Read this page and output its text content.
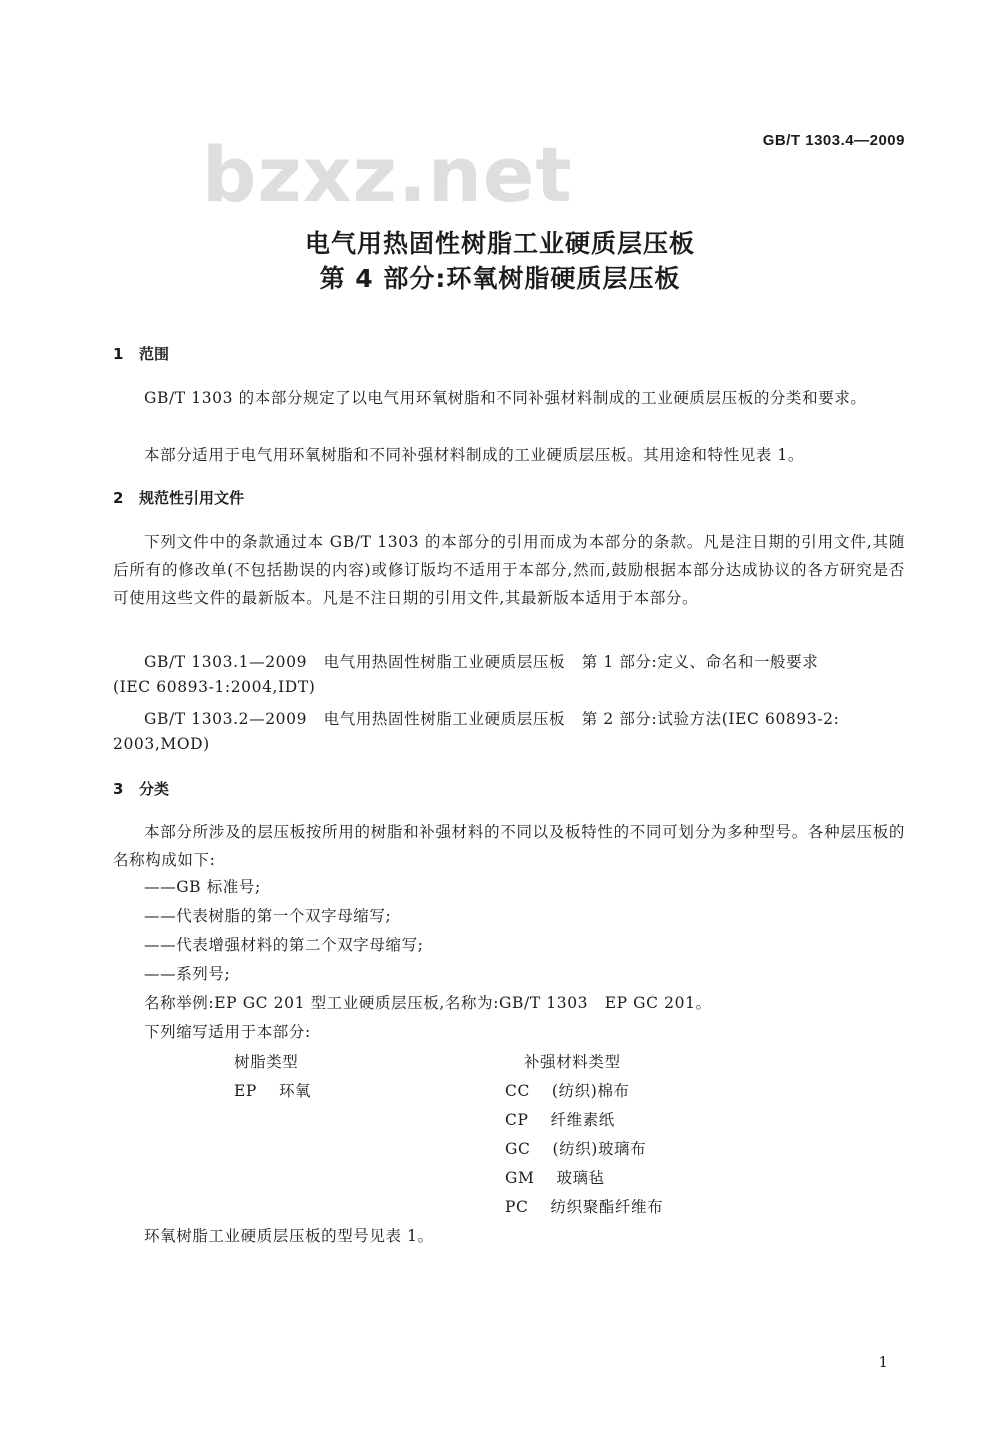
bzxz.net	GB/T 1303.4—2009
电气用热固性树脂工业硬质层压板
第 4 部分:环氧树脂硬质层压板
1 范围
GB/T 1303 的本部分规定了以电气用环氧树脂和不同补强材料制成的工业硬质层压板的分类和要求。
本部分适用于电气用环氧树脂和不同补强材料制成的工业硬质层压板。其用途和特性见表 1。
2 规范性引用文件
下列文件中的条款通过本 GB/T 1303 的本部分的引用而成为本部分的条款。凡是注日期的引用文件,其随后所有的修改单(不包括勘误的内容)或修订版均不适用于本部分,然而,鼓励根据本部分达成协议的各方研究是否可使用这些文件的最新版本。凡是不注日期的引用文件,其最新版本适用于本部分。
GB/T 1303.1—2009   电气用热固性树脂工业硬质层压板   第 1 部分:定义、命名和一般要求
(IEC 60893-1:2004,IDT)
GB/T 1303.2—2009   电气用热固性树脂工业硬质层压板   第 2 部分:试验方法(IEC 60893-2:
2003,MOD)
3 分类
本部分所涉及的层压板按所用的树脂和补强材料的不同以及板特性的不同可划分为多种型号。各种层压板的名称构成如下:
——GB 标准号;
——代表树脂的第一个双字母缩写;
——代表增强材料的第二个双字母缩写;
——系列号;
名称举例:EP GC 201 型工业硬质层压板,名称为:GB/T 1303   EP GC 201。
下列缩写适用于本部分:
树脂类型
EP 环氧
补强材料类型
CC (纺织)棉布
CP 纤维素纸
GC (纺织)玻璃布
GM 玻璃毡
PC 纺织聚酯纤维布
环氧树脂工业硬质层压板的型号见表 1。
1
